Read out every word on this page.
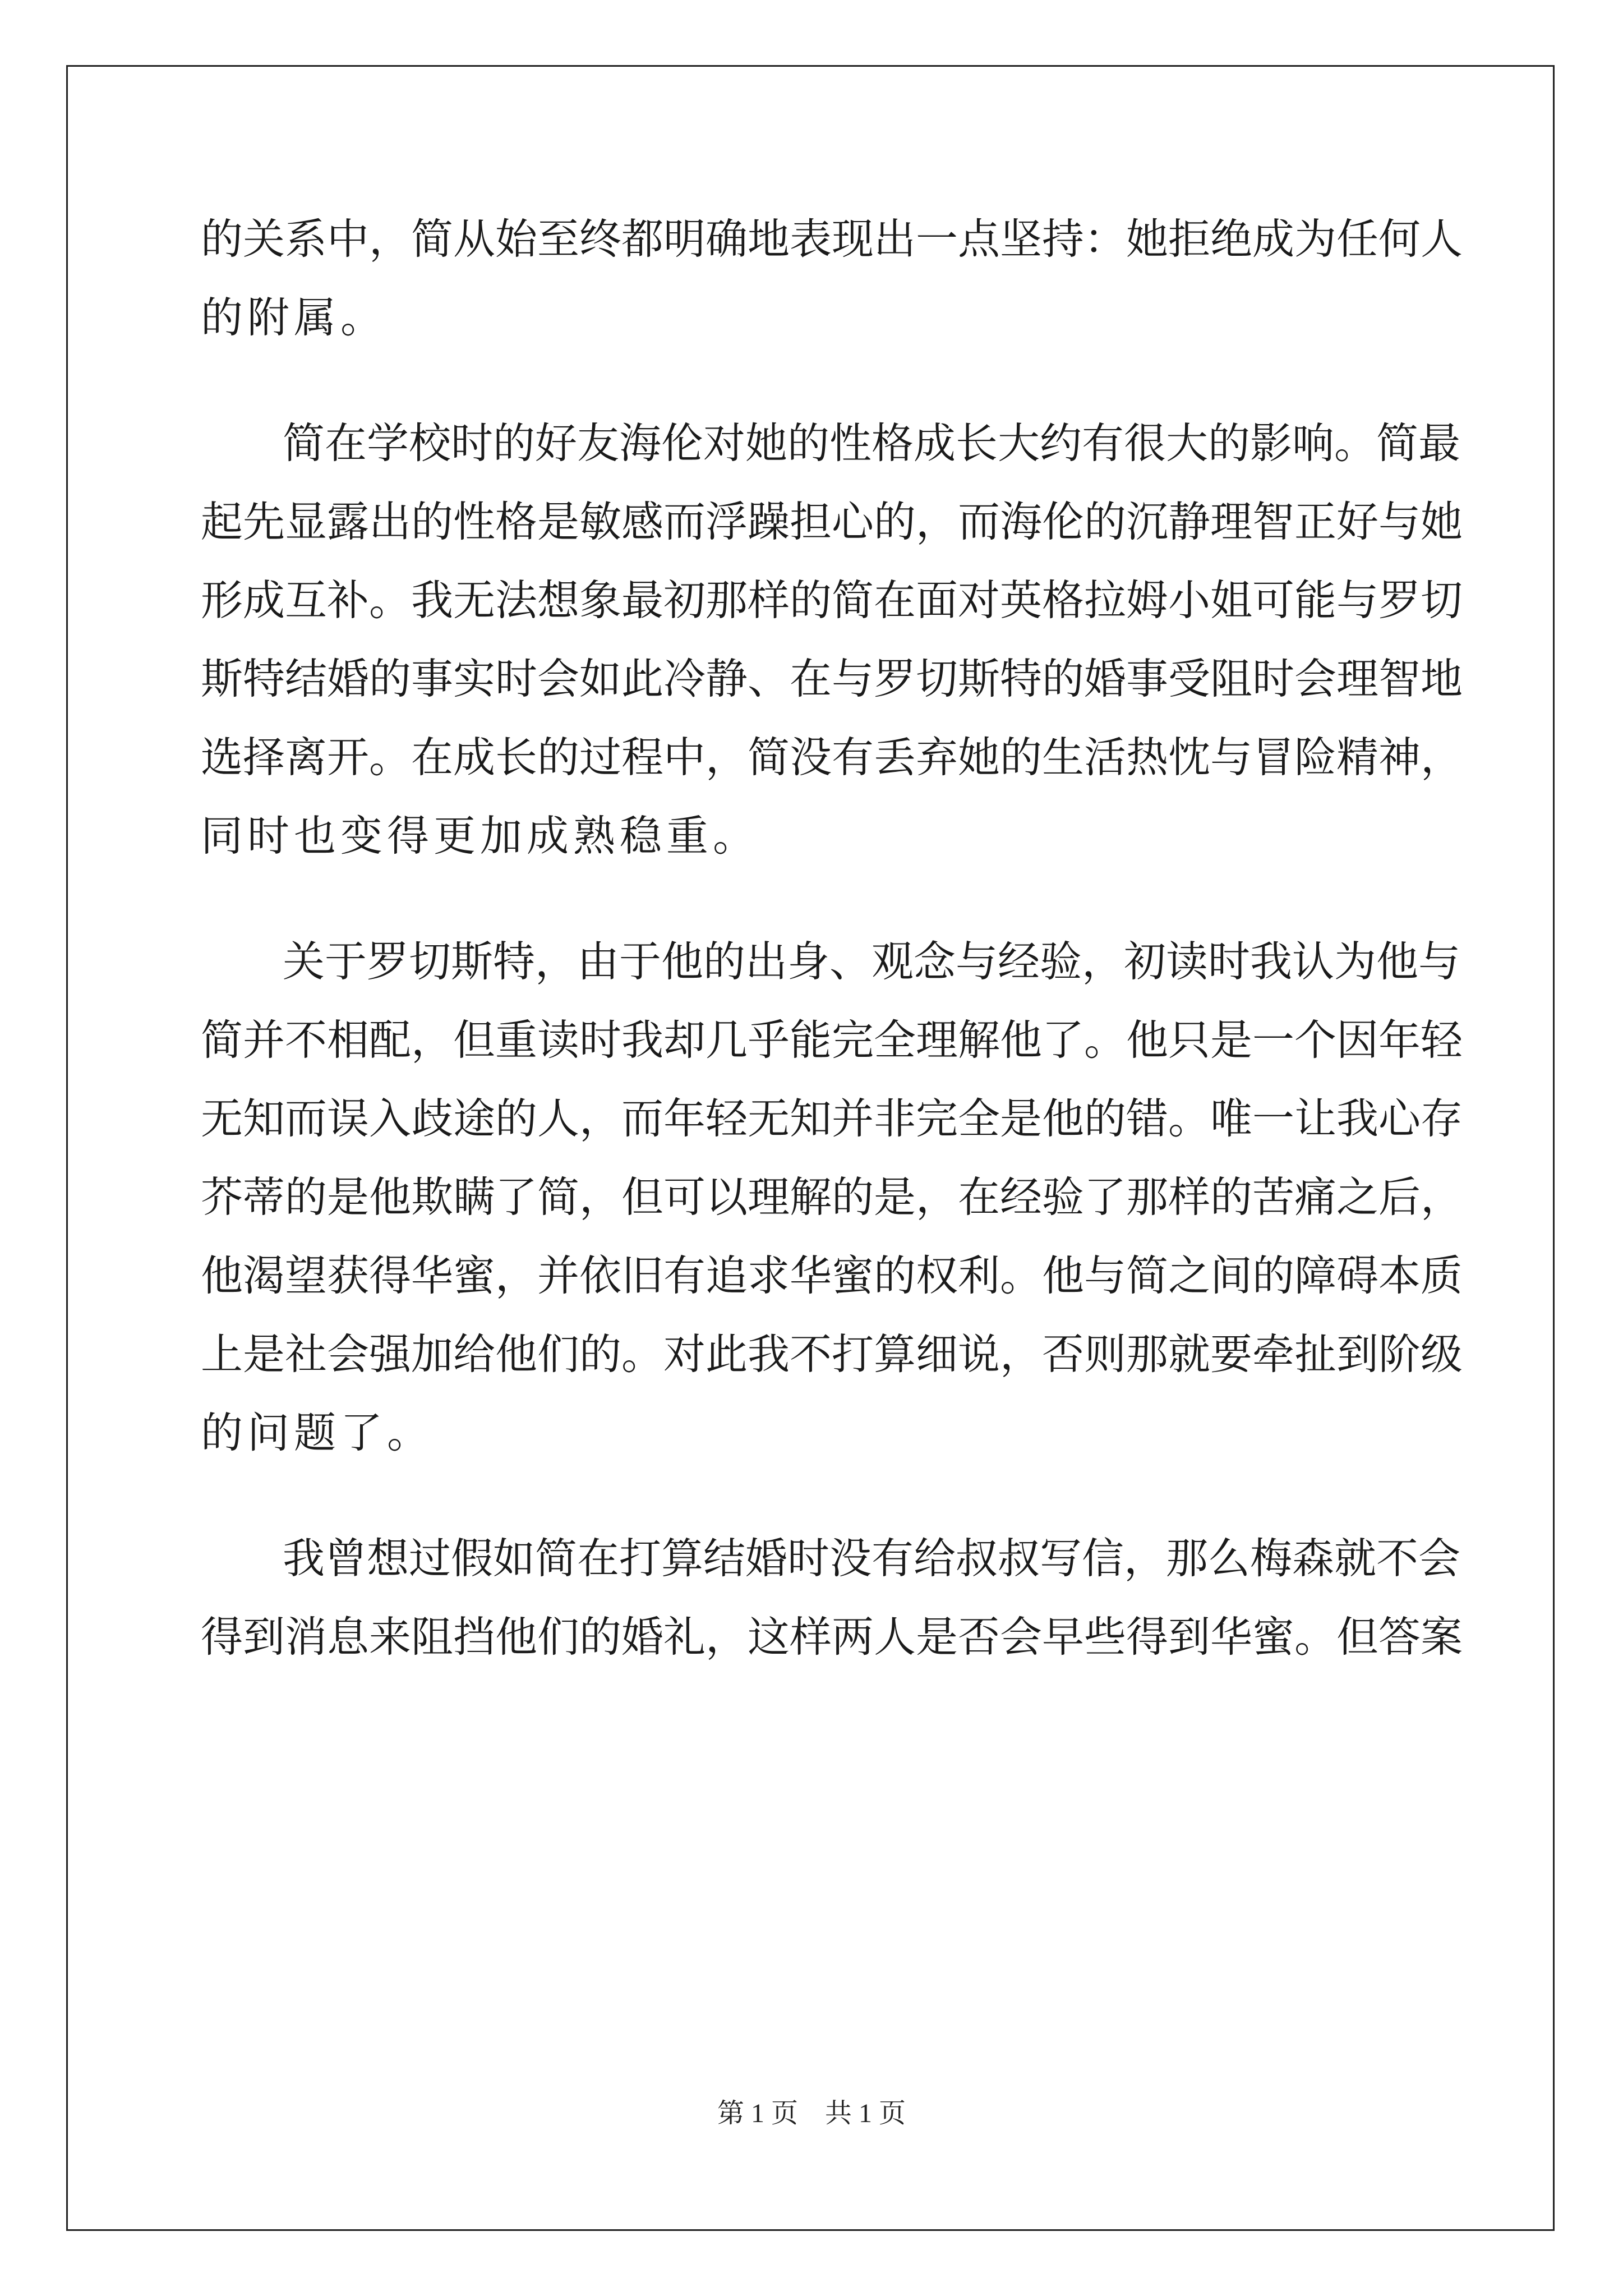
的关系中，简从始至终都明确地表现出一点坚持：她拒绝成为任何人
的附属。
简在学校时的好友海伦对她的性格成长大约有很大的影响。简最
起先显露出的性格是敏感而浮躁担心的，而海伦的沉静理智正好与她
形成互补。我无法想象最初那样的简在面对英格拉姆小姐可能与罗切
斯特结婚的事实时会如此冷静、在与罗切斯特的婚事受阻时会理智地
选择离开。在成长的过程中，简没有丢弃她的生活热忱与冒险精神，
同时也变得更加成熟稳重。
关于罗切斯特，由于他的出身、观念与经验，初读时我认为他与
简并不相配，但重读时我却几乎能完全理解他了。他只是一个因年轻
无知而误入歧途的人，而年轻无知并非完全是他的错。唯一让我心存
芥蒂的是他欺瞒了简，但可以理解的是，在经验了那样的苦痛之后，
他渴望获得华蜜，并依旧有追求华蜜的权利。他与简之间的障碍本质
上是社会强加给他们的。对此我不打算细说，否则那就要牵扯到阶级
的问题了。
我曾想过假如简在打算结婚时没有给叔叔写信，那么梅森就不会
得到消息来阻挡他们的婚礼，这样两人是否会早些得到华蜜。但答案
第 1 页    共 1 页
